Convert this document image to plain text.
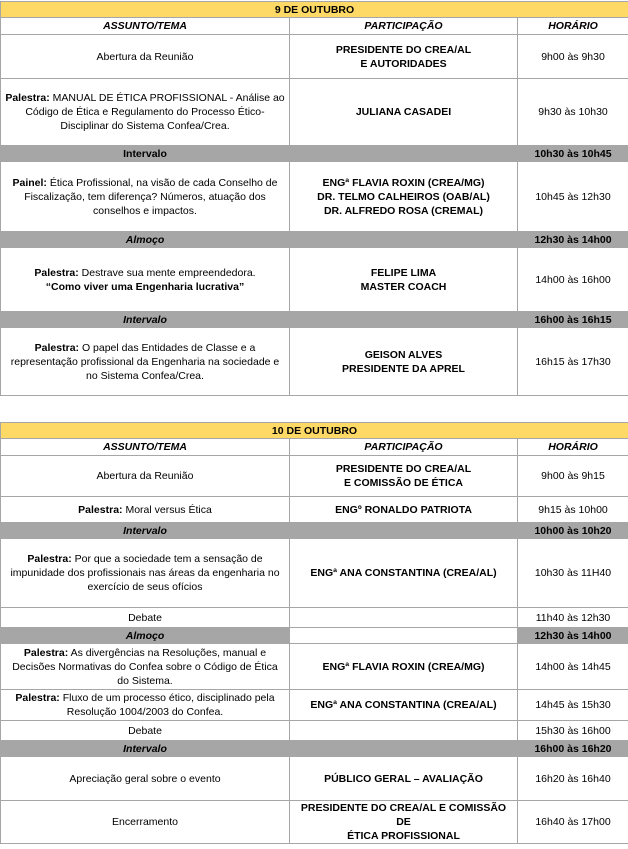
9 DE OUTUBRO		
ASSUNTO/TEMA	PARTICIPAÇÃO	HORÁRIO
Abertura da Reunião	PRESIDENTE DO CREA/AL
E AUTORIDADES	9h00 às 9h30
Palestra: MANUAL DE ÉTICA PROFISSIONAL - Análise ao Código de Ética e Regulamento do Processo Ético-Disciplinar do Sistema Confea/Crea.	JULIANA CASADEI	9h30 às 10h30
Intervalo		10h30 às 10h45
Painel: Ética Profissional, na visão de cada Conselho de Fiscalização, tem diferença? Números, atuação dos conselhos e impactos.	ENGª FLAVIA ROXIN (CREA/MG)
DR. TELMO CALHEIROS (OAB/AL)
DR. ALFREDO ROSA (CREMAL)	10h45 às 12h30
Almoço		12h30 às 14h00
Palestra: Destrave sua mente empreendedora.
“Como viver uma Engenharia lucrativa”	FELIPE LIMA
MASTER COACH	14h00 às 16h00
Intervalo		16h00 às 16h15
Palestra: O papel das Entidades de Classe e a representação profissional da Engenharia na sociedade e no Sistema Confea/Crea.	GEISON ALVES
PRESIDENTE DA APREL	16h15 às 17h30
10 DE OUTUBRO		
ASSUNTO/TEMA	PARTICIPAÇÃO	HORÁRIO
Abertura da Reunião	PRESIDENTE DO CREA/AL
E COMISSÃO DE ÉTICA	9h00 às 9h15
Palestra: Moral versus Ética	ENGº RONALDO PATRIOTA	9h15 às 10h00
Intervalo		10h00 às 10h20
Palestra: Por que a sociedade tem a sensação de impunidade dos profissionais nas áreas da engenharia no exercício de seus ofícios	ENGª ANA CONSTANTINA (CREA/AL)	10h30 às 11H40
Debate		11h40 às 12h30
Almoço		12h30 às 14h00
Palestra: As divergências na Resoluções, manual e Decisões Normativas do Confea sobre o Código de Ética do Sistema.	ENGª FLAVIA ROXIN (CREA/MG)	14h00 às 14h45
Palestra: Fluxo de um processo ético, disciplinado pela Resolução 1004/2003 do Confea.	ENGª ANA CONSTANTINA (CREA/AL)	14h45 às 15h30
Debate		15h30 às 16h00
Intervalo		16h00 às 16h20
Apreciação geral sobre o evento	PÚBLICO GERAL – AVALIAÇÃO	16h20 às 16h40
Encerramento	PRESIDENTE DO CREA/AL E COMISSÃO DE
ÉTICA PROFISSIONAL	16h40 às 17h00
